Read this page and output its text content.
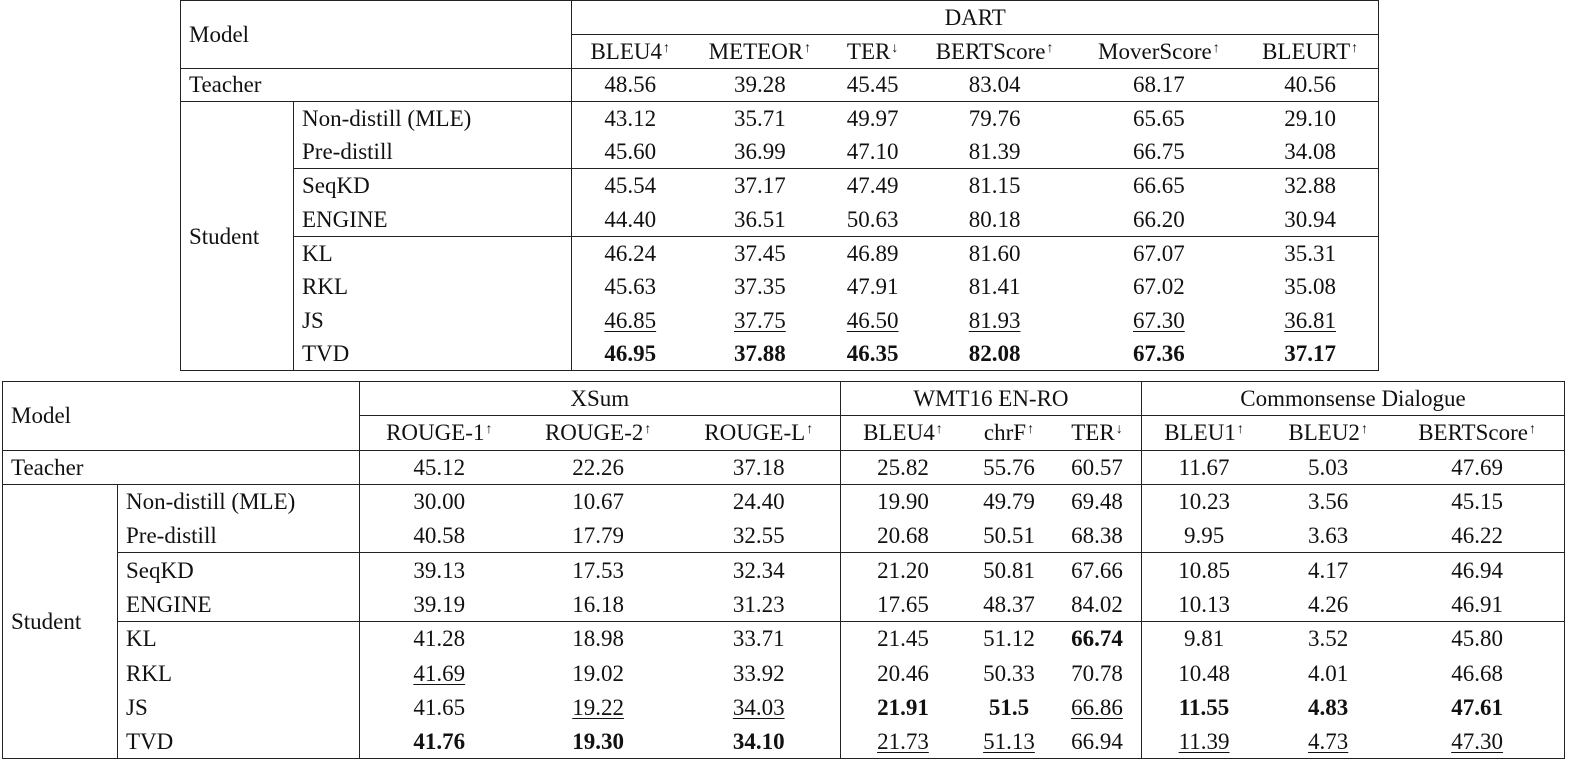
Model		DART					
		BLEU4↑	METEOR↑	TER↓	BERTScore↑	MoverScore↑	BLEURT↑
Teacher		48.56	39.28	45.45	83.04	68.17	40.56
Student	Non-distill (MLE)	43.12	35.71	49.97	79.76	65.65	29.10
	Pre-distill	45.60	36.99	47.10	81.39	66.75	34.08
	SeqKD	45.54	37.17	47.49	81.15	66.65	32.88
	ENGINE	44.40	36.51	50.63	80.18	66.20	30.94
	KL	46.24	37.45	46.89	81.60	67.07	35.31
	RKL	45.63	37.35	47.91	81.41	67.02	35.08
	JS	46.85	37.75	46.50	81.93	67.30	36.81
	TVD	46.95	37.88	46.35	82.08	67.36	37.17
Model		XSum			WMT16 EN-RO			Commonsense Dialogue		
		ROUGE-1↑	ROUGE-2↑	ROUGE-L↑	BLEU4↑	chrF↑	TER↓	BLEU1↑	BLEU2↑	BERTScore↑
Teacher		45.12	22.26	37.18	25.82	55.76	60.57	11.67	5.03	47.69
Student	Non-distill (MLE)	30.00	10.67	24.40	19.90	49.79	69.48	10.23	3.56	45.15
	Pre-distill	40.58	17.79	32.55	20.68	50.51	68.38	9.95	3.63	46.22
	SeqKD	39.13	17.53	32.34	21.20	50.81	67.66	10.85	4.17	46.94
	ENGINE	39.19	16.18	31.23	17.65	48.37	84.02	10.13	4.26	46.91
	KL	41.28	18.98	33.71	21.45	51.12	66.74	9.81	3.52	45.80
	RKL	41.69	19.02	33.92	20.46	50.33	70.78	10.48	4.01	46.68
	JS	41.65	19.22	34.03	21.91	51.5	66.86	11.55	4.83	47.61
	TVD	41.76	19.30	34.10	21.73	51.13	66.94	11.39	4.73	47.30
